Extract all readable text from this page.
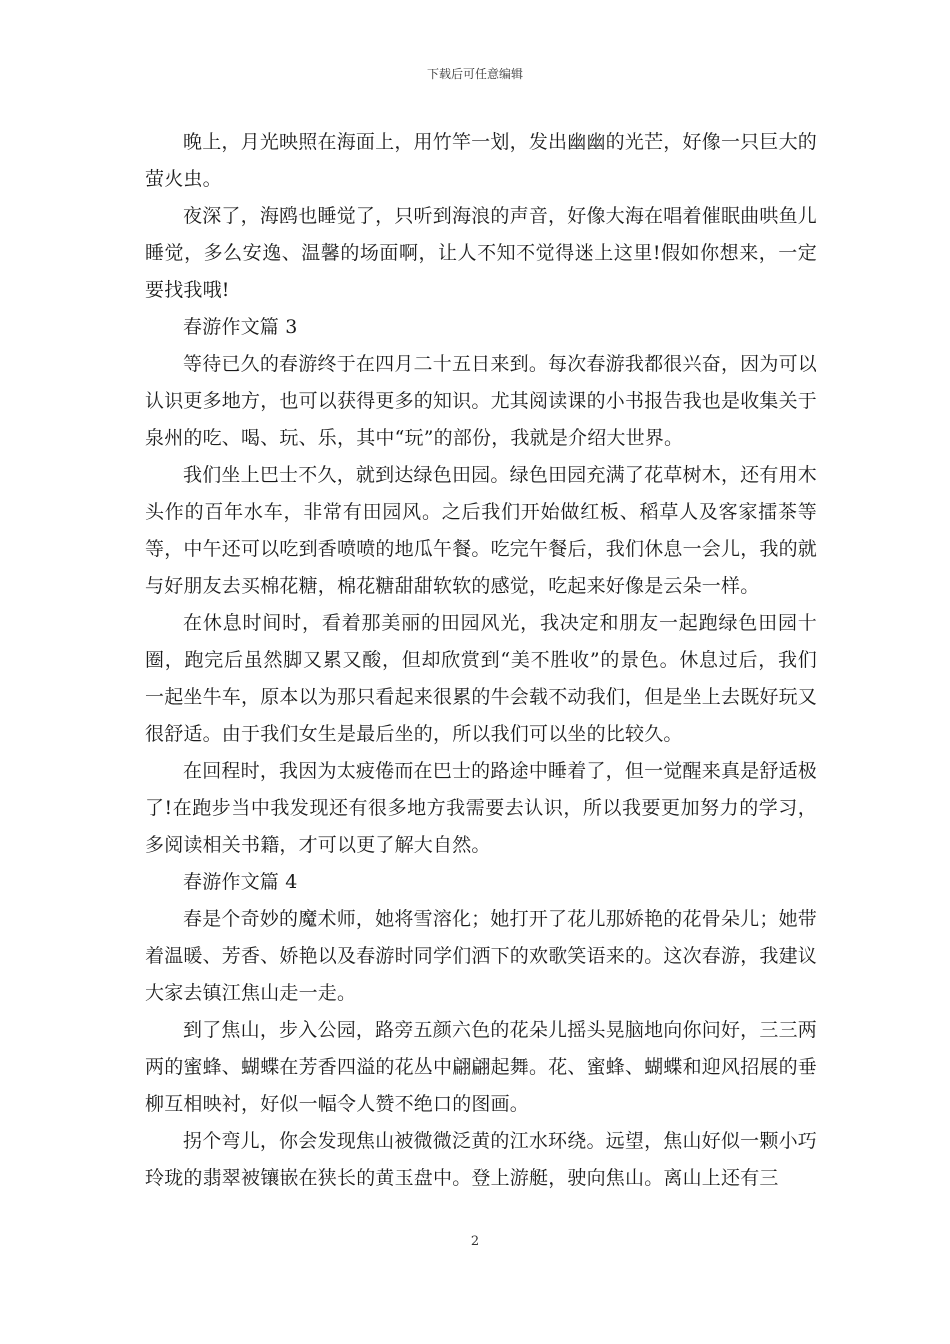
下载后可任意编辑

晚上，月光映照在海面上，用竹竿一划，发出幽幽的光芒，好像一只巨大的萤火虫。

夜深了，海鸥也睡觉了，只听到海浪的声音，好像大海在唱着催眠曲哄鱼儿睡觉，多么安逸、温馨的场面啊，让人不知不觉得迷上这里!假如你想来，一定要找我哦!

春游作文篇 3

等待已久的春游终于在四月二十五日来到。每次春游我都很兴奋，因为可以认识更多地方，也可以获得更多的知识。尤其阅读课的小书报告我也是收集关于泉州的吃、喝、玩、乐，其中“玩”的部份，我就是介绍大世界。

我们坐上巴士不久，就到达绿色田园。绿色田园充满了花草树木，还有用木头作的百年水车，非常有田园风。之后我们开始做红板、稻草人及客家擂茶等等，中午还可以吃到香喷喷的地瓜午餐。吃完午餐后，我们休息一会儿，我的就与好朋友去买棉花糖，棉花糖甜甜软软的感觉，吃起来好像是云朵一样。

在休息时间时，看着那美丽的田园风光，我决定和朋友一起跑绿色田园十圈，跑完后虽然脚又累又酸，但却欣赏到“美不胜收”的景色。休息过后，我们一起坐牛车，原本以为那只看起来很累的牛会载不动我们，但是坐上去既好玩又很舒适。由于我们女生是最后坐的，所以我们可以坐的比较久。

在回程时，我因为太疲倦而在巴士的路途中睡着了，但一觉醒来真是舒适极了!在跑步当中我发现还有很多地方我需要去认识，所以我要更加努力的学习，多阅读相关书籍，才可以更了解大自然。

春游作文篇 4

春是个奇妙的魔术师，她将雪溶化；她打开了花儿那娇艳的花骨朵儿；她带着温暖、芳香、娇艳以及春游时同学们洒下的欢歌笑语来的。这次春游，我建议大家去镇江焦山走一走。

到了焦山，步入公园，路旁五颜六色的花朵儿摇头晃脑地向你问好，三三两两的蜜蜂、蝴蝶在芳香四溢的花丛中翩翩起舞。花、蜜蜂、蝴蝶和迎风招展的垂柳互相映衬，好似一幅令人赞不绝口的图画。

拐个弯儿，你会发现焦山被微微泛黄的江水环绕。远望，焦山好似一颗小巧玲珑的翡翠被镶嵌在狭长的黄玉盘中。登上游艇，驶向焦山。离山上还有三

2
